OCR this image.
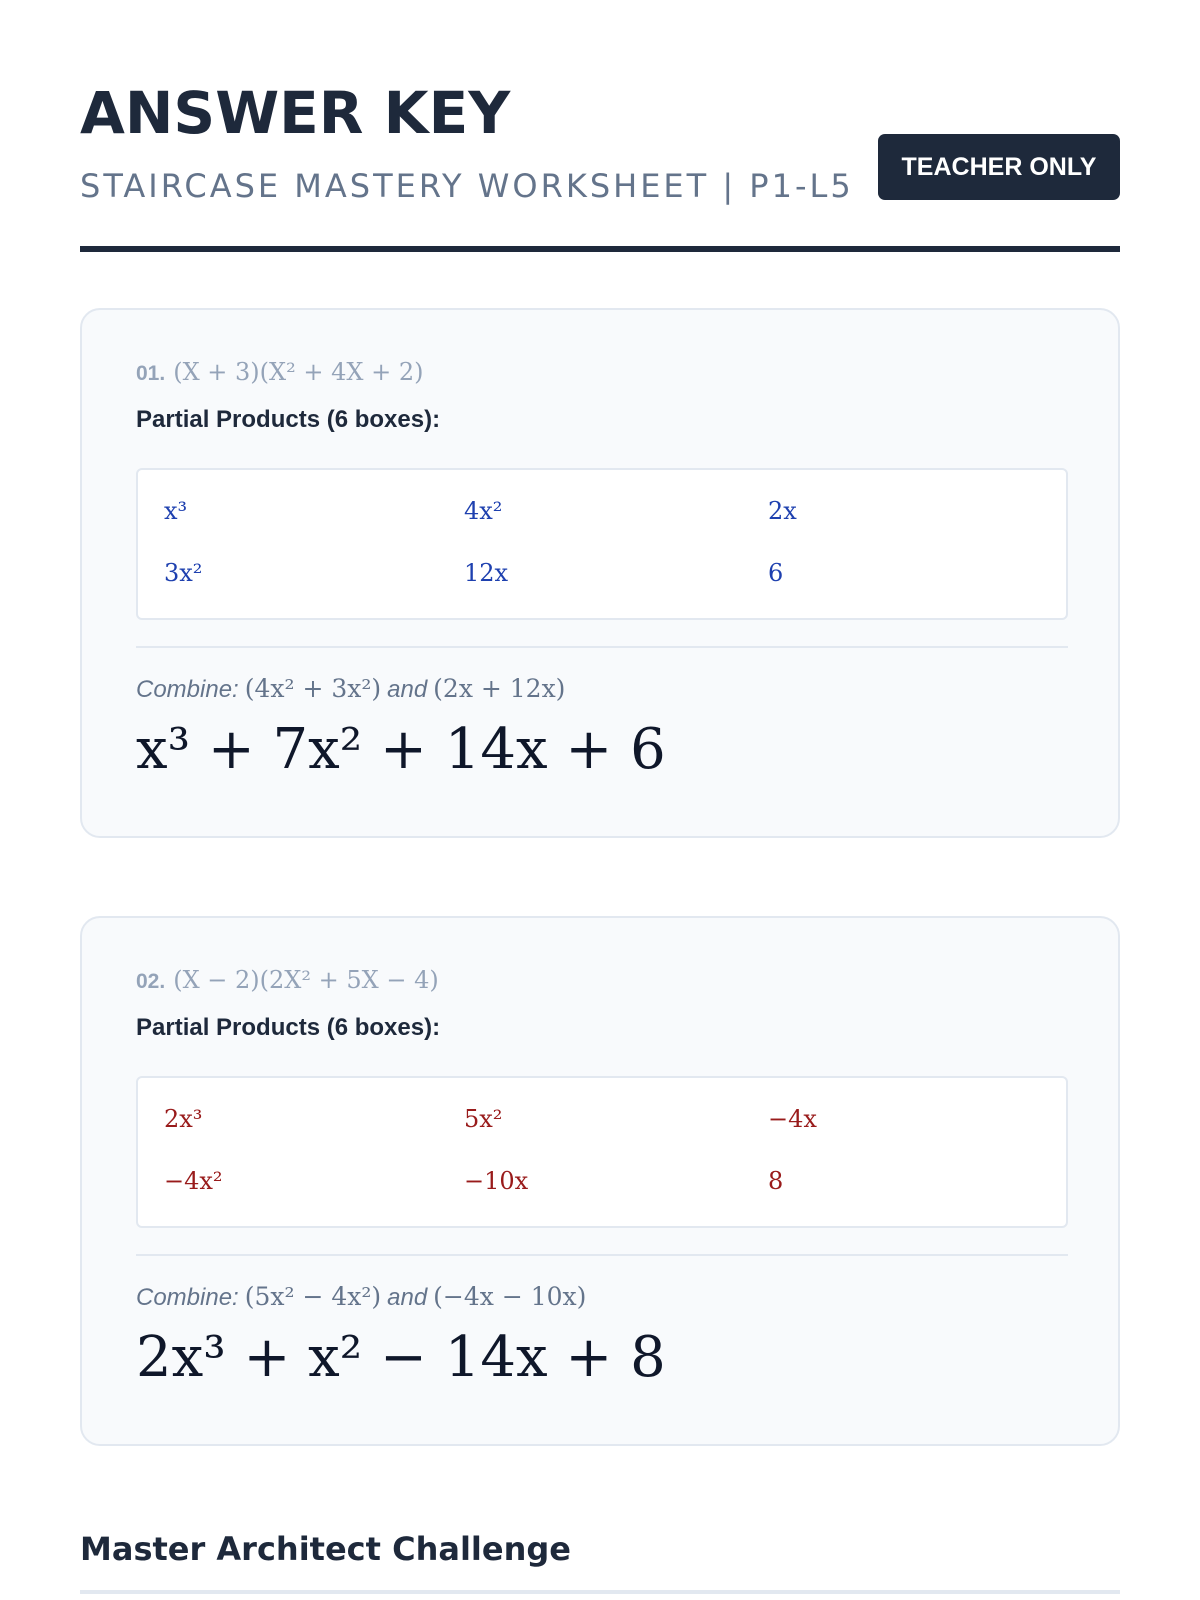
ANSWER KEY
STAIRCASE MASTERY WORKSHEET | P1-L5	TEACHER ONLY
01. (X + 3)(X² + 4X + 2)
Partial Products (6 boxes):
x³	4x²	2x
3x²	12x	6
Combine: (4x² + 3x²) and (2x + 12x)
x³ + 7x² + 14x + 6
02. (X − 2)(2X² + 5X − 4)
Partial Products (6 boxes):
2x³	5x²	−4x
−4x²	−10x	8
Combine: (5x² − 4x²) and (−4x − 10x)
2x³ + x² − 14x + 8
Master Architect Challenge
